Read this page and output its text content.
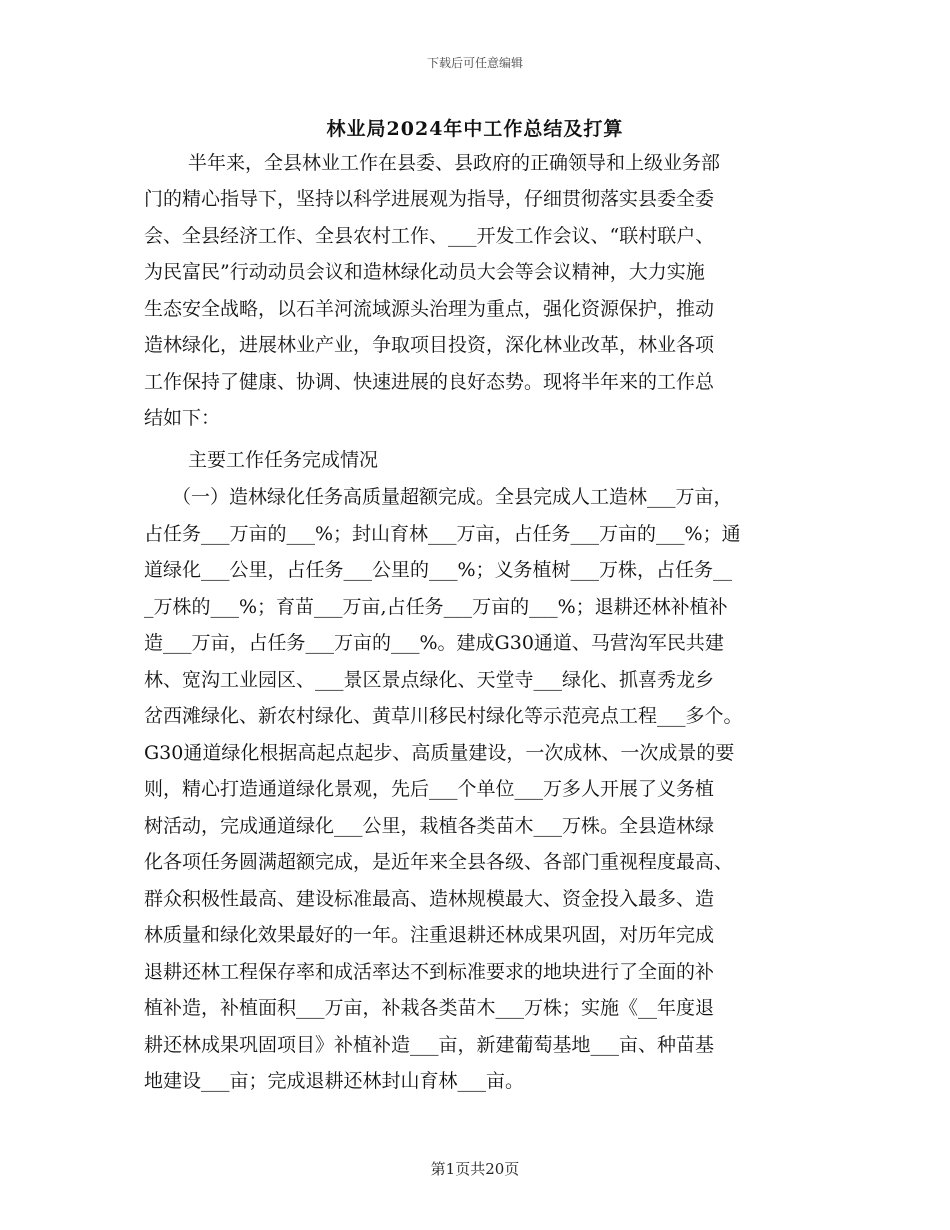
下载后可任意编辑
林业局2024年中工作总结及打算
半年来，全县林业工作在县委、县政府的正确领导和上级业务部
门的精心指导下，坚持以科学进展观为指导，仔细贯彻落实县委全委
会、全县经济工作、全县农村工作、___开发工作会议、“联村联户、
为民富民”行动动员会议和造林绿化动员大会等会议精神，大力实施
生态安全战略，以石羊河流域源头治理为重点，强化资源保护，推动
造林绿化，进展林业产业，争取项目投资，深化林业改革，林业各项
工作保持了健康、协调、快速进展的良好态势。现将半年来的工作总
结如下：
主要工作任务完成情况
（一）造林绿化任务高质量超额完成。全县完成人工造林___万亩，
占任务___万亩的___%；封山育林___万亩，占任务___万亩的___%；通
道绿化___公里，占任务___公里的___%；义务植树___万株，占任务__
_万株的___%；育苗___万亩,占任务___万亩的___%；退耕还林补植补
造___万亩，占任务___万亩的___%。建成G30通道、马营沟军民共建
林、宽沟工业园区、___景区景点绿化、天堂寺___绿化、抓喜秀龙乡
岔西滩绿化、新农村绿化、黄草川移民村绿化等示范亮点工程___多个。
G30通道绿化根据高起点起步、高质量建设，一次成林、一次成景的要
则，精心打造通道绿化景观，先后___个单位___万多人开展了义务植
树活动，完成通道绿化___公里，栽植各类苗木___万株。全县造林绿
化各项任务圆满超额完成，是近年来全县各级、各部门重视程度最高、
群众积极性最高、建设标准最高、造林规模最大、资金投入最多、造
林质量和绿化效果最好的一年。注重退耕还林成果巩固，对历年完成
退耕还林工程保存率和成活率达不到标准要求的地块进行了全面的补
植补造，补植面积___万亩，补栽各类苗木___万株；实施《__年度退
耕还林成果巩固项目》补植补造___亩，新建葡萄基地___亩、种苗基
地建设___亩；完成退耕还林封山育林___亩。
第1页共20页
